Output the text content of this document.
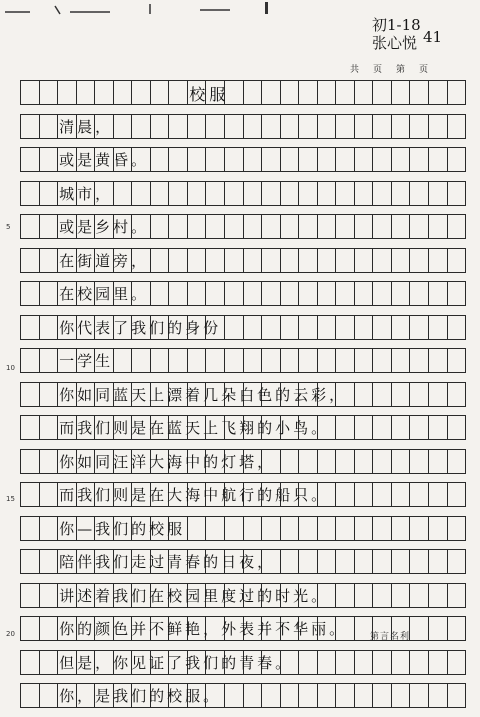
初1-18
张心悦 41
共 页 第 页
校服
清晨，
或是黄昏。
城市，
或是乡村。
在街道旁，
在校园里。
你代表了我们的身份
一学生
你如同蓝天上漂着几朵白色的云彩，
而我们则是在蓝天上飞翔的小鸟。
你如同汪洋大海中的灯塔，
而我们则是在大海中航行的船只。
你—我们的校服
陪伴我们走过青春的日夜，
讲述着我们在校园里度过的时光。
你的颜色并不鲜艳，外表并不华丽。
但是，你见证了我们的青春。
你，是我们的校服。
5
10
15
20	第言名利
